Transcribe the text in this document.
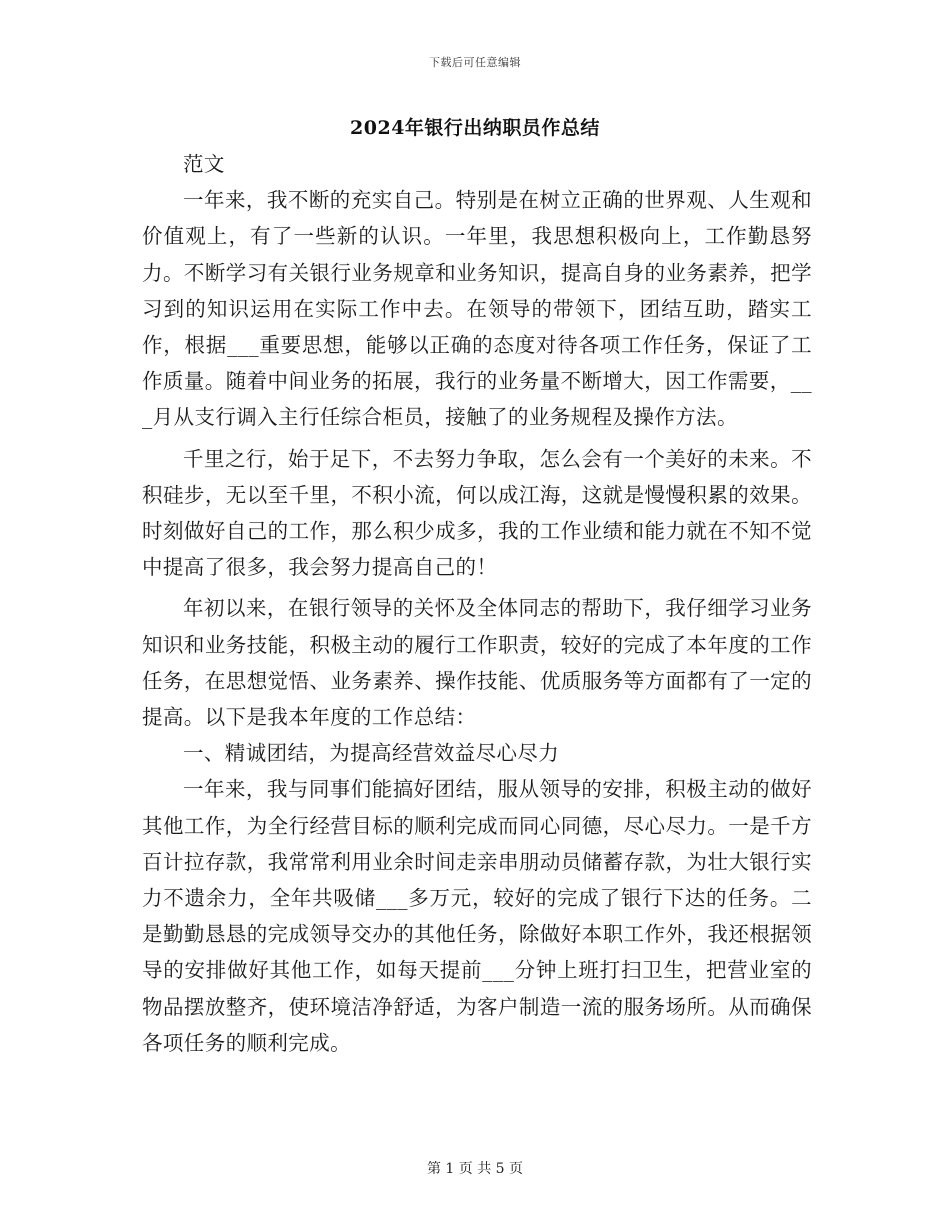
下载后可任意编辑
2024年银行出纳职员作总结

范文

一年来，我不断的充实自己。特别是在树立正确的世界观、人生观和价值观上，有了一些新的认识。一年里，我思想积极向上，工作勤恳努力。不断学习有关银行业务规章和业务知识，提高自身的业务素养，把学习到的知识运用在实际工作中去。在领导的带领下，团结互助，踏实工作，根据___重要思想，能够以正确的态度对待各项工作任务，保证了工作质量。随着中间业务的拓展，我行的业务量不断增大，因工作需要，___月从支行调入主行任综合柜员，接触了的业务规程及操作方法。

千里之行，始于足下，不去努力争取，怎么会有一个美好的未来。不积硅步，无以至千里，不积小流，何以成江海，这就是慢慢积累的效果。时刻做好自己的工作，那么积少成多，我的工作业绩和能力就在不知不觉中提高了很多，我会努力提高自己的！

年初以来，在银行领导的关怀及全体同志的帮助下，我仔细学习业务知识和业务技能，积极主动的履行工作职责，较好的完成了本年度的工作任务，在思想觉悟、业务素养、操作技能、优质服务等方面都有了一定的提高。以下是我本年度的工作总结：

一、精诚团结，为提高经营效益尽心尽力

一年来，我与同事们能搞好团结，服从领导的安排，积极主动的做好其他工作，为全行经营目标的顺利完成而同心同德，尽心尽力。一是千方百计拉存款，我常常利用业余时间走亲串朋动员储蓄存款，为壮大银行实力不遗余力，全年共吸储___多万元，较好的完成了银行下达的任务。二是勤勤恳恳的完成领导交办的其他任务，除做好本职工作外，我还根据领导的安排做好其他工作，如每天提前___分钟上班打扫卫生，把营业室的物品摆放整齐，使环境洁净舒适，为客户制造一流的服务场所。从而确保各项任务的顺利完成。

第 1 页 共 5 页
